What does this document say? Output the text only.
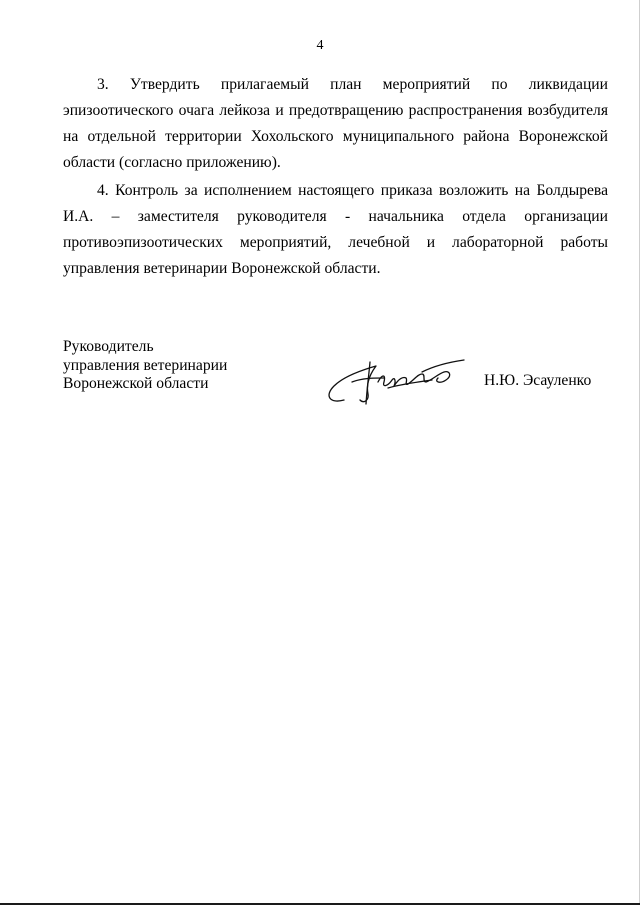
4

3. Утвердить прилагаемый план мероприятий по ликвидации эпизоотического очага лейкоза и предотвращению распространения возбудителя на отдельной территории Хохольского муниципального района Воронежской области (согласно приложению).

4. Контроль за исполнением настоящего приказа возложить на Болдырева И.А. – заместителя руководителя - начальника отдела организации противоэпизоотических мероприятий, лечебной и лабораторной работы управления ветеринарии Воронежской области.

Руководитель
управления ветеринарии
Воронежской области	Н.Ю. Эсауленко
